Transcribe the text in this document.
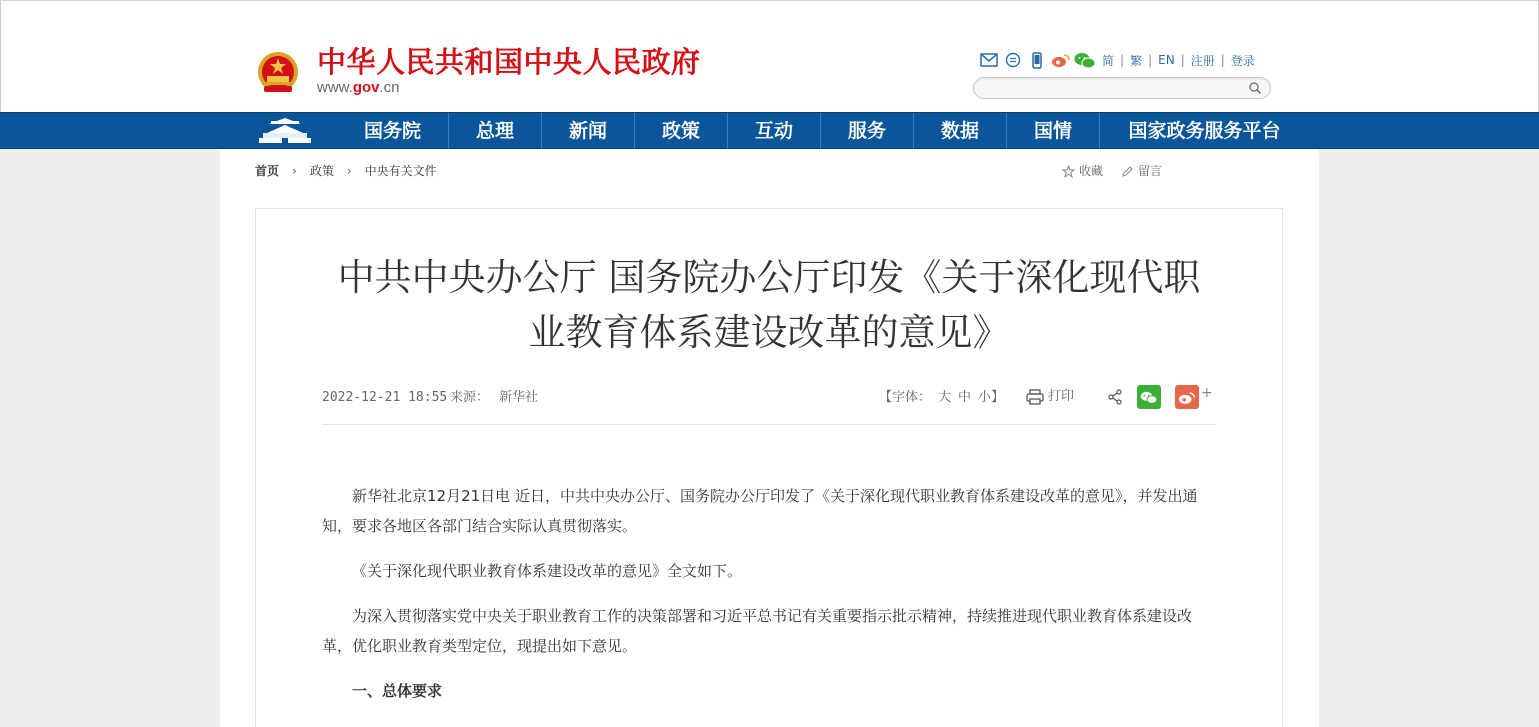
中华人民共和国中央人民政府
www.gov.cn
简 | 繁 | EN | 注册 | 登录
国务院	总理	新闻	政策	互动	服务	数据	国情	国家政务服务平台
首页 › 政策 › 中央有关文件	收藏	留言
中共中央办公厅 国务院办公厅印发《关于深化现代职
业教育体系建设改革的意见》
2022-12-21 18:55 来源： 新华社	【字体： 大 中 小】	打印	+

新华社北京12月21日电 近日，中共中央办公厅、国务院办公厅印发了《关于深化现代职业教育体系建设改革的意见》，并发出通知，要求各地区各部门结合实际认真贯彻落实。

《关于深化现代职业教育体系建设改革的意见》全文如下。

为深入贯彻落实党中央关于职业教育工作的决策部署和习近平总书记有关重要指示批示精神，持续推进现代职业教育体系建设改革，优化职业教育类型定位，现提出如下意见。

一、总体要求
